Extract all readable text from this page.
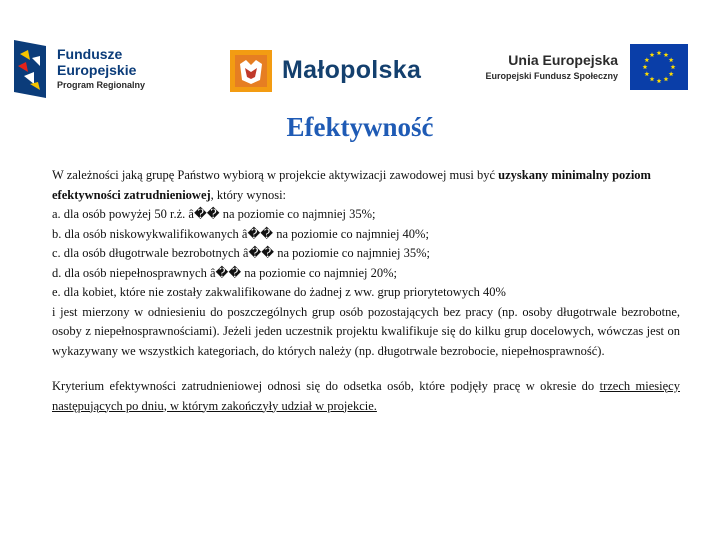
Fundusze
Europejskie
Program Regionalny
Małopolska	Unia Europejska
Europejski Fundusz Społeczny
Efektywność

W zależności jaką grupę Państwo wybiorą w projekcie aktywizacji zawodowej musi być uzyskany minimalny poziom efektywności zatrudnieniowej, który wynosi:

a. dla osób powyżej 50 r.ż. â�� na poziomie co najmniej 35%;

b. dla osób niskowykwalifikowanych â�� na poziomie co najmniej 40%;

c. dla osób długotrwale bezrobotnych â�� na poziomie co najmniej 35%;

d. dla osób niepełnosprawnych â�� na poziomie co najmniej 20%;

e. dla kobiet, które nie zostały zakwalifikowane do żadnej z ww. grup priorytetowych 40%

i jest mierzony w odniesieniu do poszczególnych grup osób pozostających bez pracy (np. osoby długotrwale bezrobotne, osoby z niepełnosprawnościami). Jeżeli jeden uczestnik projektu kwalifikuje się do kilku grup docelowych, wówczas jest on wykazywany we wszystkich kategoriach, do których należy (np. długotrwale bezrobocie, niepełnosprawność).

Kryterium efektywności zatrudnieniowej odnosi się do odsetka osób, które podjęły pracę w okresie do trzech miesięcy następujących po dniu, w którym zakończyły udział w projekcie.
